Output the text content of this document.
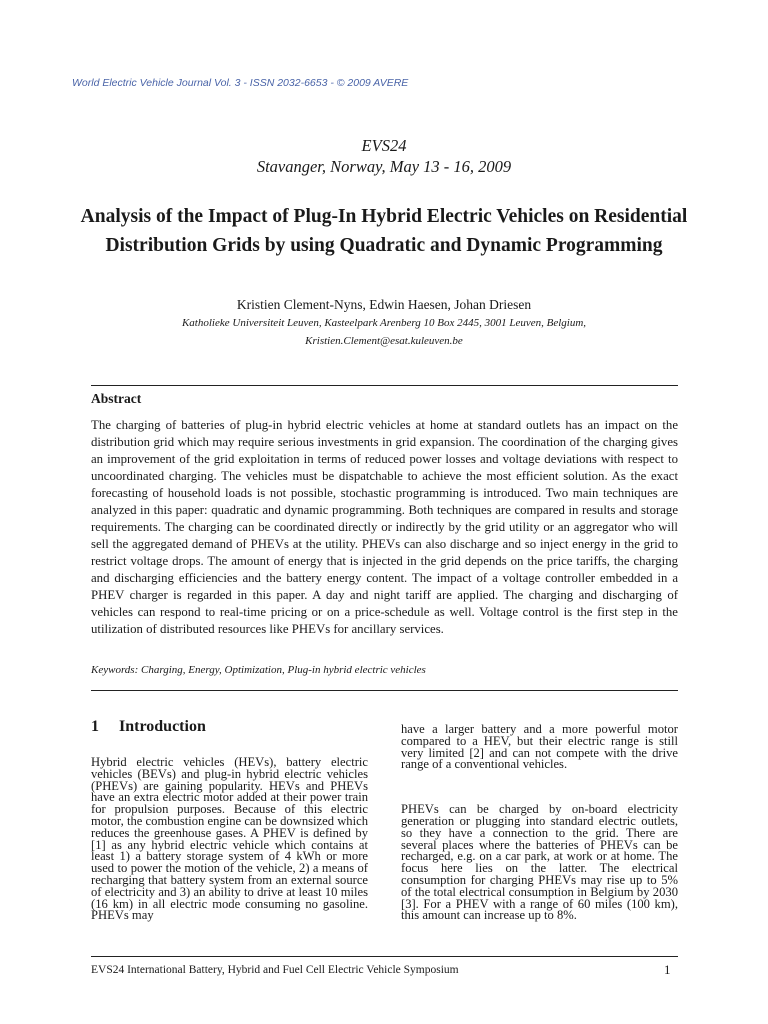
World Electric Vehicle Journal Vol. 3 - ISSN 2032-6653 - © 2009 AVERE
EVS24
Stavanger, Norway, May 13 - 16, 2009
Analysis of the Impact of Plug-In Hybrid Electric Vehicles on Residential Distribution Grids by using Quadratic and Dynamic Programming
Kristien Clement-Nyns, Edwin Haesen, Johan Driesen
Katholieke Universiteit Leuven, Kasteelpark Arenberg 10 Box 2445, 3001 Leuven, Belgium,
Kristien.Clement@esat.kuleuven.be
Abstract
The charging of batteries of plug-in hybrid electric vehicles at home at standard outlets has an impact on the distribution grid which may require serious investments in grid expansion. The coordination of the charging gives an improvement of the grid exploitation in terms of reduced power losses and voltage deviations with respect to uncoordinated charging. The vehicles must be dispatchable to achieve the most efficient solution. As the exact forecasting of household loads is not possible, stochastic programming is introduced. Two main techniques are analyzed in this paper: quadratic and dynamic programming. Both techniques are compared in results and storage requirements. The charging can be coordinated directly or indirectly by the grid utility or an aggregator who will sell the aggregated demand of PHEVs at the utility. PHEVs can also discharge and so inject energy in the grid to restrict voltage drops. The amount of energy that is injected in the grid depends on the price tariffs, the charging and discharging efficiencies and the battery energy content. The impact of a voltage controller embedded in a PHEV charger is regarded in this paper. A day and night tariff are applied. The charging and discharging of vehicles can respond to real-time pricing or on a price-schedule as well. Voltage control is the first step in the utilization of distributed resources like PHEVs for ancillary services.
Keywords: Charging, Energy, Optimization, Plug-in hybrid electric vehicles
1 Introduction

Hybrid electric vehicles (HEVs), battery electric vehicles (BEVs) and plug-in hybrid electric vehicles (PHEVs) are gaining popularity. HEVs and PHEVs have an extra electric motor added at their power train for propulsion purposes. Because of this electric motor, the combustion engine can be downsized which reduces the greenhouse gases. A PHEV is defined by [1] as any hybrid electric vehicle which contains at least 1) a battery storage system of 4 kWh or more used to power the motion of the vehicle, 2) a means of recharging that battery system from an external source of electricity and 3) an ability to drive at least 10 miles (16 km) in all electric mode consuming no gasoline. PHEVs may

have a larger battery and a more powerful motor compared to a HEV, but their electric range is still very limited [2] and can not compete with the drive range of a conventional vehicles.

PHEVs can be charged by on-board electricity generation or plugging into standard electric outlets, so they have a connection to the grid. There are several places where the batteries of PHEVs can be recharged, e.g. on a car park, at work or at home. The focus here lies on the latter. The electrical consumption for charging PHEVs may rise up to 5% of the total electrical consumption in Belgium by 2030 [3]. For a PHEV with a range of 60 miles (100 km), this amount can increase up to 8%.

EVS24 International Battery, Hybrid and Fuel Cell Electric Vehicle Symposium	1
